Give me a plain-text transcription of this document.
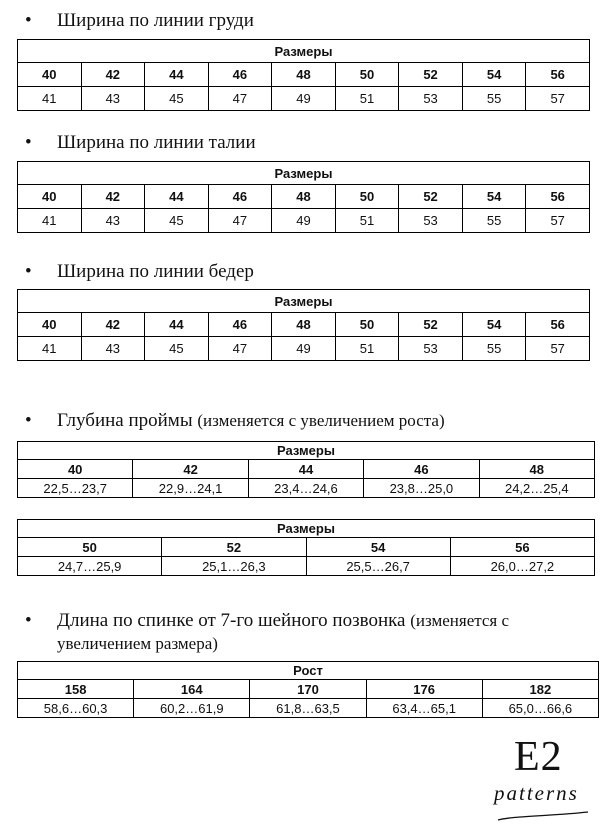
• Ширина по линии груди
Размеры								
40	42	44	46	48	50	52	54	56
41	43	45	47	49	51	53	55	57
• Ширина по линии талии
Размеры								
40	42	44	46	48	50	52	54	56
41	43	45	47	49	51	53	55	57
• Ширина по линии бедер
Размеры								
40	42	44	46	48	50	52	54	56
41	43	45	47	49	51	53	55	57
• Глубина проймы (изменяется с увеличением роста)
Размеры				
40	42	44	46	48
22,5…23,7	22,9…24,1	23,4…24,6	23,8…25,0	24,2…25,4
Размеры			
50	52	54	56
24,7…25,9	25,1…26,3	25,5…26,7	26,0…27,2
• Длина по спинке от 7-го шейного позвонка (изменяется с
увеличением размера)
Рост				
158	164	170	176	182
58,6…60,3	60,2…61,9	61,8…63,5	63,4…65,1	65,0…66,6
E2
patterns
